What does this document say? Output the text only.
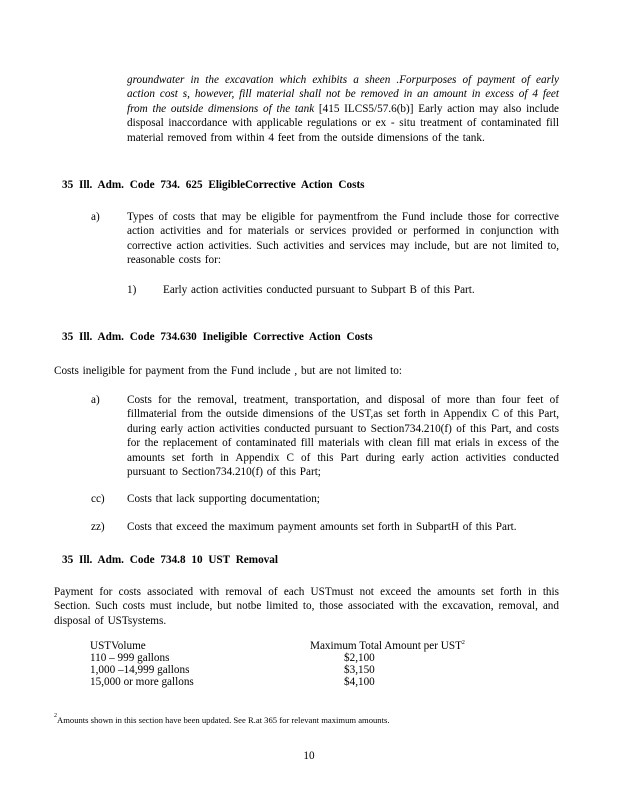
groundwater in the excavation which exhibits a sheen .Forpurposes of payment of early action cost s, however, fill material shall not be removed in an amount in excess of 4 feet from the outside dimensions of the tank [415 ILCS5/57.6(b)] Early action may also include disposal inaccordance with applicable regulations or ex - situ treatment of contaminated fill material removed from within 4 feet from the outside dimensions of the tank.
35 Ill. Adm. Code 734. 625 EligibleCorrective Action Costs
a) Types of costs that may be eligible for paymentfrom the Fund include those for corrective action activities and for materials or services provided or performed in conjunction with corrective action activities. Such activities and services may include, but are not limited to, reasonable costs for:
1) Early action activities conducted pursuant to Subpart B of this Part.
35 Ill. Adm. Code 734.630 Ineligible Corrective Action Costs
Costs ineligible for payment from the Fund include , but are not limited to:
a) Costs for the removal, treatment, transportation, and disposal of more than four feet of fillmaterial from the outside dimensions of the UST,as set forth in Appendix C of this Part, during early action activities conducted pursuant to Section734.210(f) of this Part, and costs for the replacement of contaminated fill materials with clean fill mat erials in excess of the amounts set forth in Appendix C of this Part during early action activities conducted pursuant to Section734.210(f) of this Part;
cc) Costs that lack supporting documentation;
zz) Costs that exceed the maximum payment amounts set forth in SubpartH of this Part.
35 Ill. Adm. Code 734.8 10 UST Removal
Payment for costs associated with removal of each USTmust not exceed the amounts set forth in this Section. Such costs must include, but notbe limited to, those associated with the excavation, removal, and disposal of USTsystems.
USTVolume	Maximum Total Amount per UST$^2$
110 – 999 gallons	$2,100
1,000 –14,999 gallons	$3,150
15,000 or more gallons	$4,100
$^2$Amounts shown in this section have been updated. See R.at 365 for relevant maximum amounts.
10
